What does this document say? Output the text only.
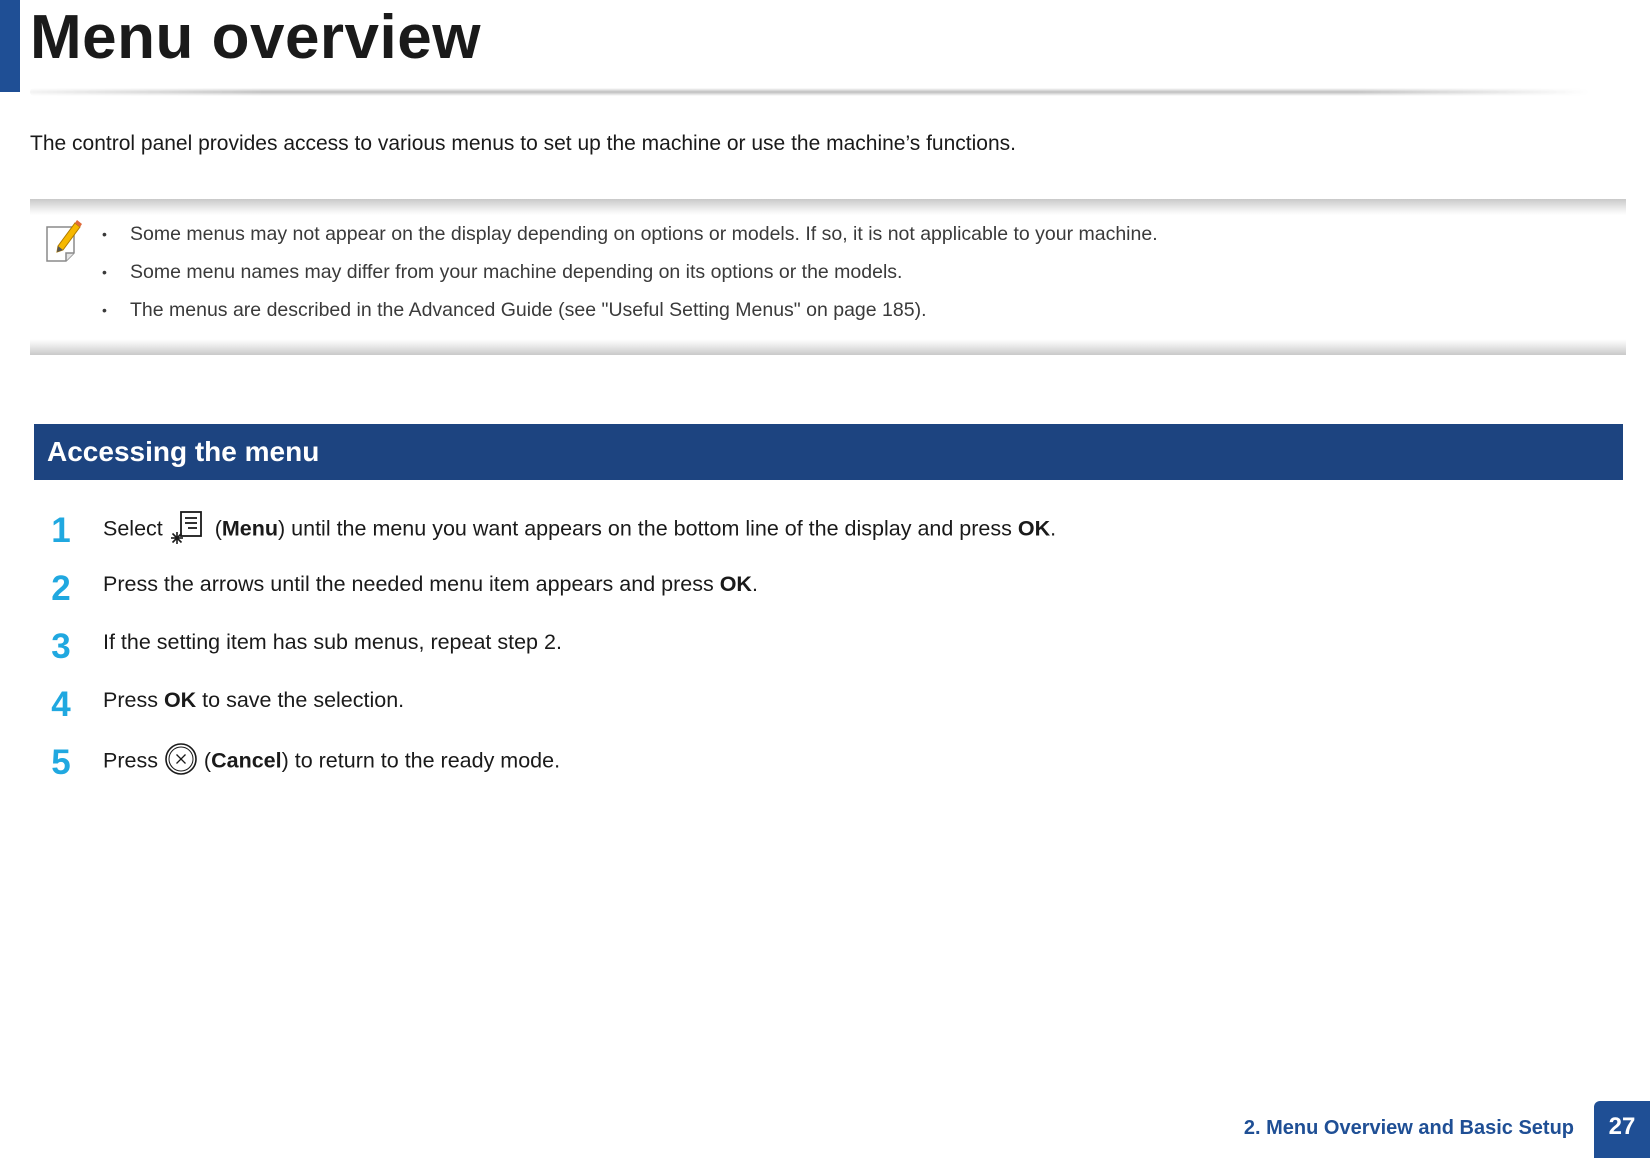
Menu overview

The control panel provides access to various menus to set up the machine or use the machine’s functions.

• Some menus may not appear on the display depending on options or models. If so, it is not applicable to your machine.
• Some menu names may differ from your machine depending on its options or the models.
• The menus are described in the Advanced Guide (see "Useful Setting Menus" on page 185).
Accessing the menu
1 Select  (Menu) until the menu you want appears on the bottom line of the display and press OK.
2 Press the arrows until the needed menu item appears and press OK.
3 If the setting item has sub menus, repeat step 2.
4 Press OK to save the selection.
5 Press  (Cancel) to return to the ready mode.
2. Menu Overview and Basic Setup	27
